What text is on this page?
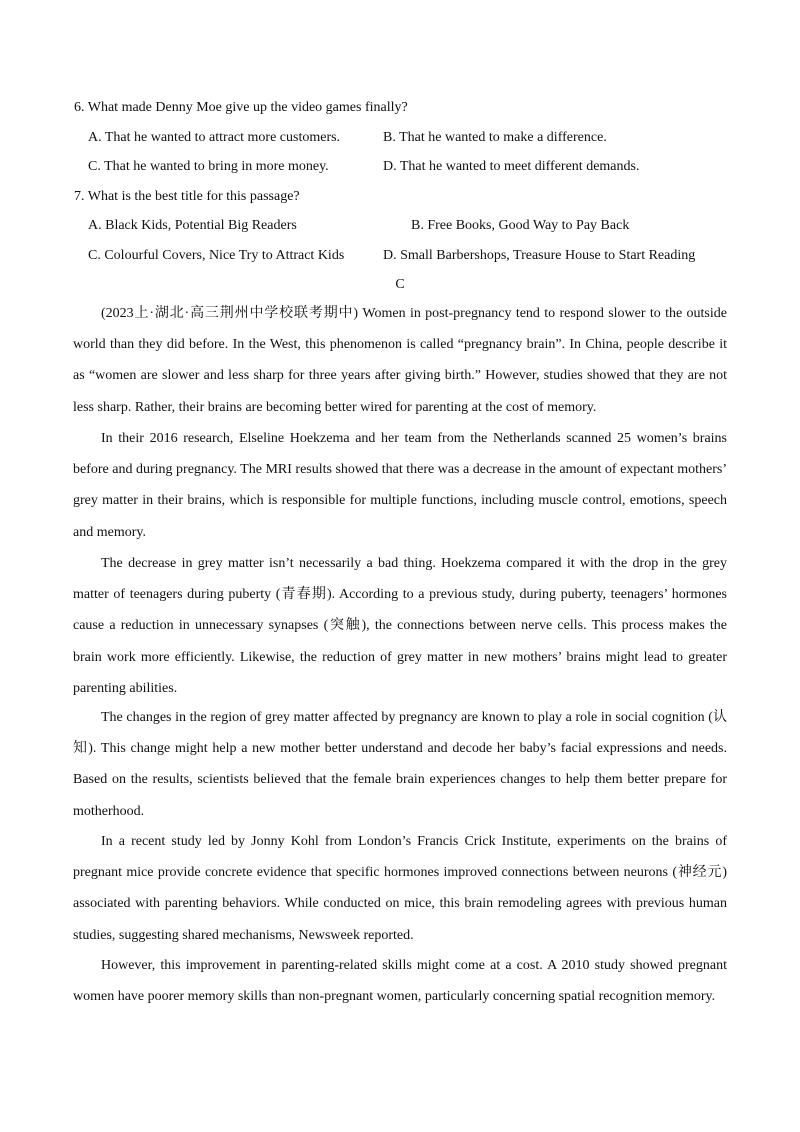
6. What made Denny Moe give up the video games finally?
A. That he wanted to attract more customers.	B. That he wanted to make a difference.
C. That he wanted to bring in more money.	D. That he wanted to meet different demands.
7. What is the best title for this passage?
A. Black Kids, Potential Big Readers	B. Free Books, Good Way to Pay Back
C. Colourful Covers, Nice Try to Attract Kids	D. Small Barbershops, Treasure House to Start Reading
C

(2023上·湖北·高三荆州中学校联考期中) Women in post-pregnancy tend to respond slower to the outside world than they did before. In the West, this phenomenon is called “pregnancy brain”. In China, people describe it as “women are slower and less sharp for three years after giving birth.” However, studies showed that they are not less sharp. Rather, their brains are becoming better wired for parenting at the cost of memory.

In their 2016 research, Elseline Hoekzema and her team from the Netherlands scanned 25 women’s brains before and during pregnancy. The MRI results showed that there was a decrease in the amount of expectant mothers’ grey matter in their brains, which is responsible for multiple functions, including muscle control, emotions, speech and memory.

The decrease in grey matter isn’t necessarily a bad thing. Hoekzema compared it with the drop in the grey matter of teenagers during puberty (青春期). According to a previous study, during puberty, teenagers’ hormones cause a reduction in unnecessary synapses (突触), the connections between nerve cells. This process makes the brain work more efficiently. Likewise, the reduction of grey matter in new mothers’ brains might lead to greater parenting abilities.

The changes in the region of grey matter affected by pregnancy are known to play a role in social cognition (认知). This change might help a new mother better understand and decode her baby’s facial expressions and needs. Based on the results, scientists believed that the female brain experiences changes to help them better prepare for motherhood.

In a recent study led by Jonny Kohl from London’s Francis Crick Institute, experiments on the brains of pregnant mice provide concrete evidence that specific hormones improved connections between neurons (神经元) associated with parenting behaviors. While conducted on mice, this brain remodeling agrees with previous human studies, suggesting shared mechanisms, Newsweek reported.

However, this improvement in parenting-related skills might come at a cost. A 2010 study showed pregnant women have poorer memory skills than non-pregnant women, particularly concerning spatial recognition memory.
